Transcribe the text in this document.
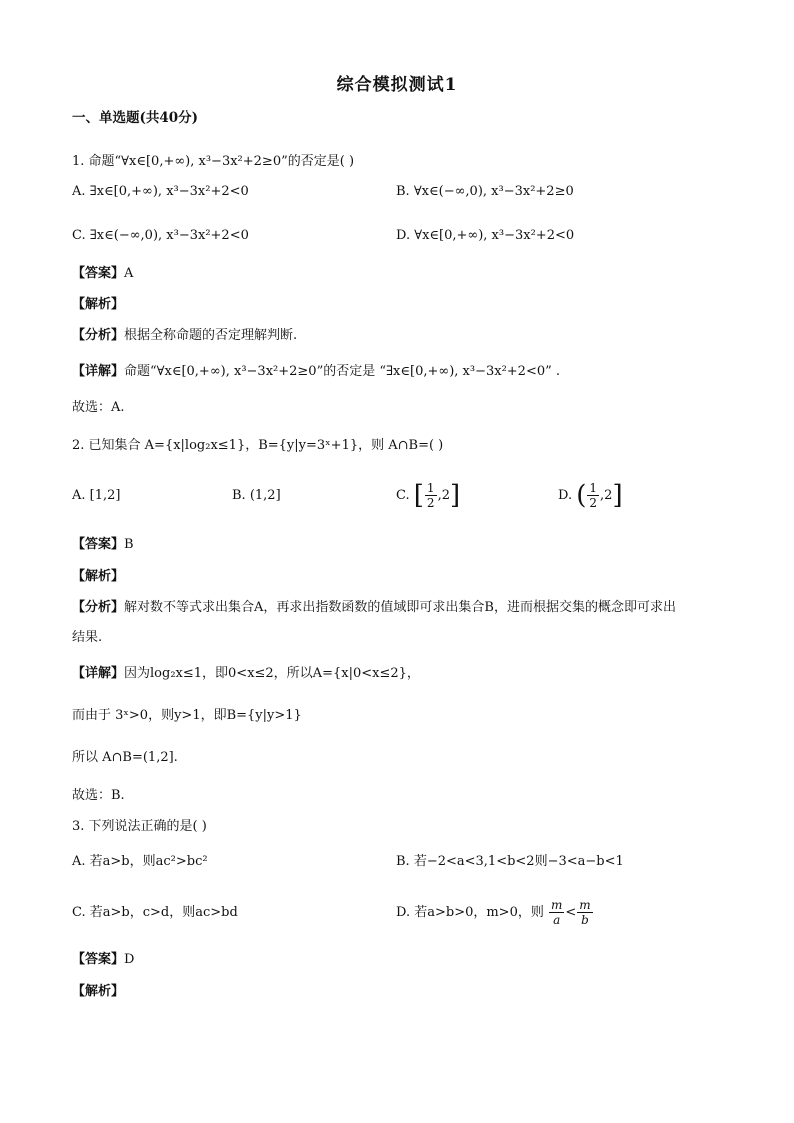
综合模拟测试1
一、单选题(共40分)
1. 命题“∀x∈[0,+∞), x³−3x²+2≥0”的否定是( )
A. ∃x∈[0,+∞), x³−3x²+2<0	B. ∀x∈(−∞,0), x³−3x²+2≥0
C. ∃x∈(−∞,0), x³−3x²+2<0	D. ∀x∈[0,+∞), x³−3x²+2<0
【答案】A
【解析】
【分析】根据全称命题的否定理解判断.
【详解】命题“∀x∈[0,+∞), x³−3x²+2≥0”的否定是 “∃x∈[0,+∞), x³−3x²+2<0” .
故选：A.
2. 已知集合 A={x|log₂x≤1}，B={y|y=3ˣ+1}，则 A∩B=( )
A. [1,2]	B. (1,2]	C. [ $\frac{1}{2} ,2$]	D. ( $\frac{1}{2} ,2$]
【答案】B
【解析】
【分析】解对数不等式求出集合A，再求出指数函数的值域即可求出集合B，进而根据交集的概念即可求出
结果.
【详解】因为log₂x≤1，即0<x≤2，所以A={x|0<x≤2}，
而由于 3ˣ>0，则y>1，即B={y|y>1}
所以 A∩B=(1,2].
故选：B.
3. 下列说法正确的是( )
A. 若a>b，则ac²>bc²	B. 若−2<a<3,1<b<2则−3<a−b<1
C. 若a>b，c>d，则ac>bd	D. 若a>b>0，m>0，则 $\frac{m}{a} < \frac{m}{b}$
【答案】D
【解析】
